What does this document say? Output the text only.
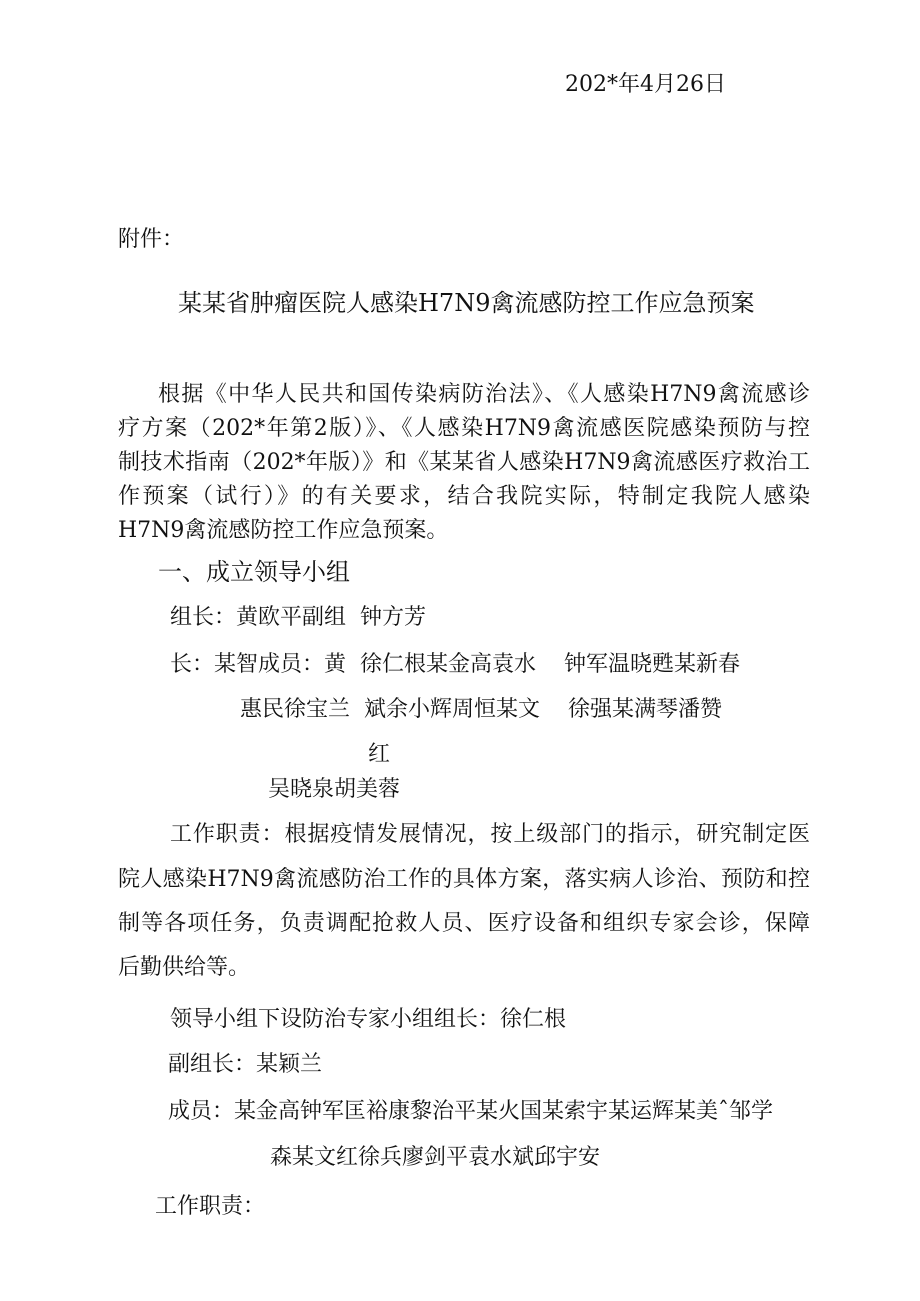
202*年4月26日
附件：
某某省肿瘤医院人感染H7N9禽流感防控工作应急预案
根据《中华人民共和国传染病防治法》、《人感染H7N9禽流感诊
疗方案（202*年第2版）》、《人感染H7N9禽流感医院感染预防与控
制技术指南（202*年版）》和《某某省人感染H7N9禽流感医疗救治工
作预案（试行）》的有关要求，结合我院实际，特制定我院人感染
H7N9禽流感防控工作应急预案。
一、成立领导小组
组长：黄欧平副组  钟方芳
长：某智成员：黄  徐仁根某金高袁水    钟军温晓甦某新春
惠民徐宝兰  斌余小辉周恒某文    徐强某满琴潘赞
红
吴晓泉胡美蓉
工作职责：根据疫情发展情况，按上级部门的指示，研究制定医
院人感染H7N9禽流感防治工作的具体方案，落实病人诊治、预防和控
制等各项任务，负责调配抢救人员、医疗设备和组织专家会诊，保障
后勤供给等。
领导小组下设防治专家小组组长：徐仁根
副组长：某颖兰
成员：某金高钟军匡裕康黎治平某火国某索宇某运辉某美ˆ邹学
森某文红徐兵廖剑平袁水斌邱宇安
工作职责：
